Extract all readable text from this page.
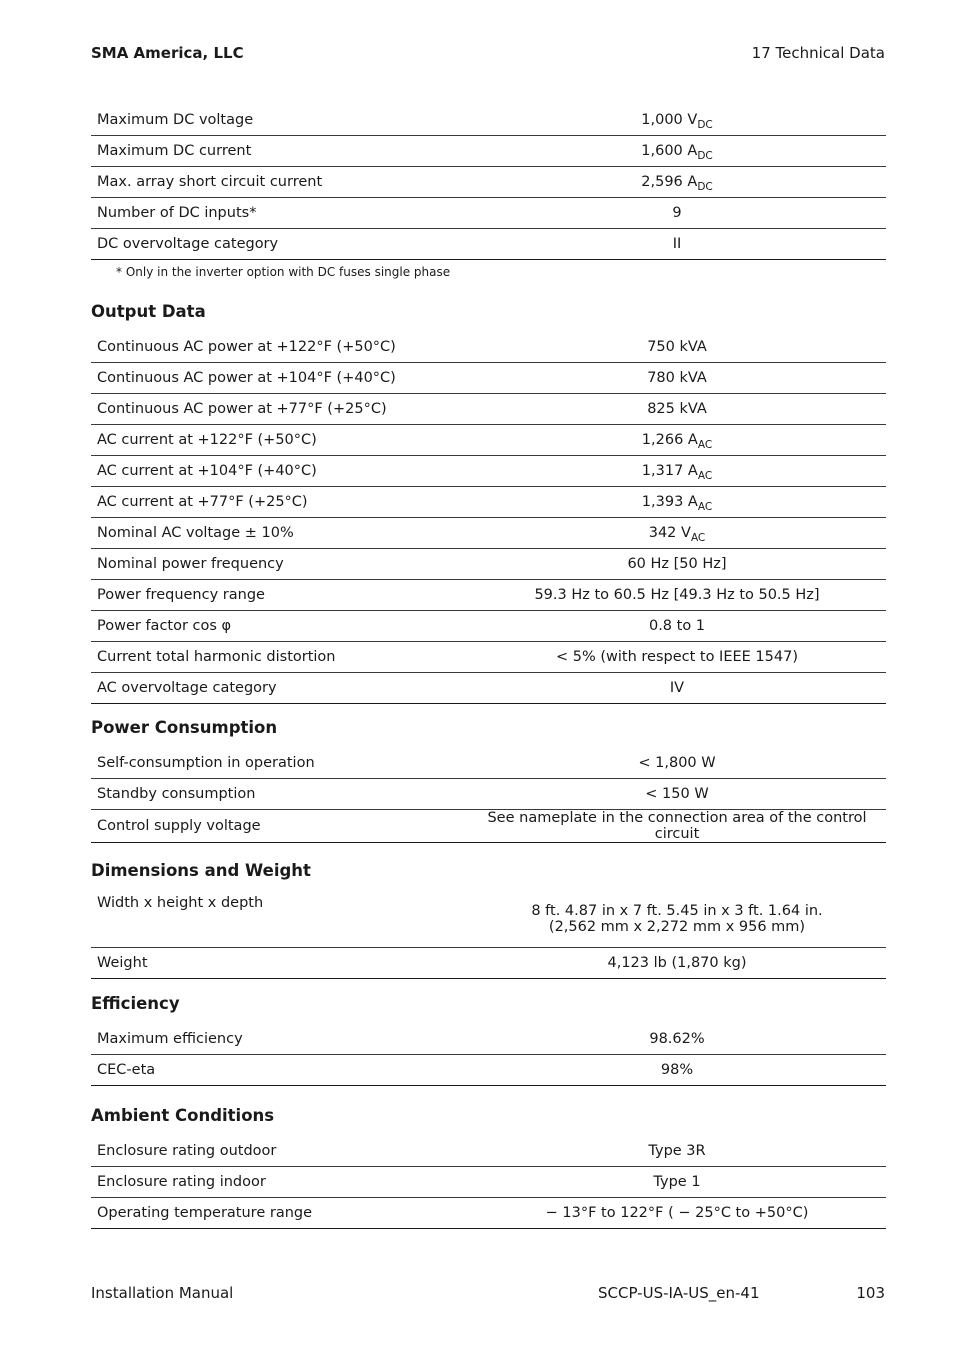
SMA America, LLC	17 Technical Data
Maximum DC voltage	1,000 $V_{DC}$
Maximum DC current	1,600 $A_{DC}$
Max. array short circuit current	2,596 $A_{DC}$
Number of DC inputs*	9
DC overvoltage category	II
* Only in the inverter option with DC fuses single phase
Output Data
Continuous AC power at +122°F (+50°C)	750 kVA
Continuous AC power at +104°F (+40°C)	780 kVA
Continuous AC power at +77°F (+25°C)	825 kVA
AC current at +122°F (+50°C)	1,266 $A_{AC}$
AC current at +104°F (+40°C)	1,317 $A_{AC}$
AC current at +77°F (+25°C)	1,393 $A_{AC}$
Nominal AC voltage ± 10%	342 $V_{AC}$
Nominal power frequency	60 Hz [50 Hz]
Power frequency range	59.3 Hz to 60.5 Hz [49.3 Hz to 50.5 Hz]
Power factor cos φ	0.8 to 1
Current total harmonic distortion	< 5% (with respect to IEEE 1547)
AC overvoltage category	IV
Power Consumption
Self-consumption in operation	< 1,800 W
Standby consumption	< 150 W
Control supply voltage	See nameplate in the connection area of the control circuit
Dimensions and Weight
Width x height x depth	8 ft. 4.87 in x 7 ft. 5.45 in x 3 ft. 1.64 in.
(2,562 mm x 2,272 mm x 956 mm)

Weight	4,123 lb (1,870 kg)
Efficiency
Maximum efficiency	98.62%
CEC-eta	98%
Ambient Conditions
Enclosure rating outdoor	Type 3R
Enclosure rating indoor	Type 1
Operating temperature range	− 13°F to 122°F ( − 25°C to +50°C)
Installation Manual	SCCP-US-IA-US_en-41	103
